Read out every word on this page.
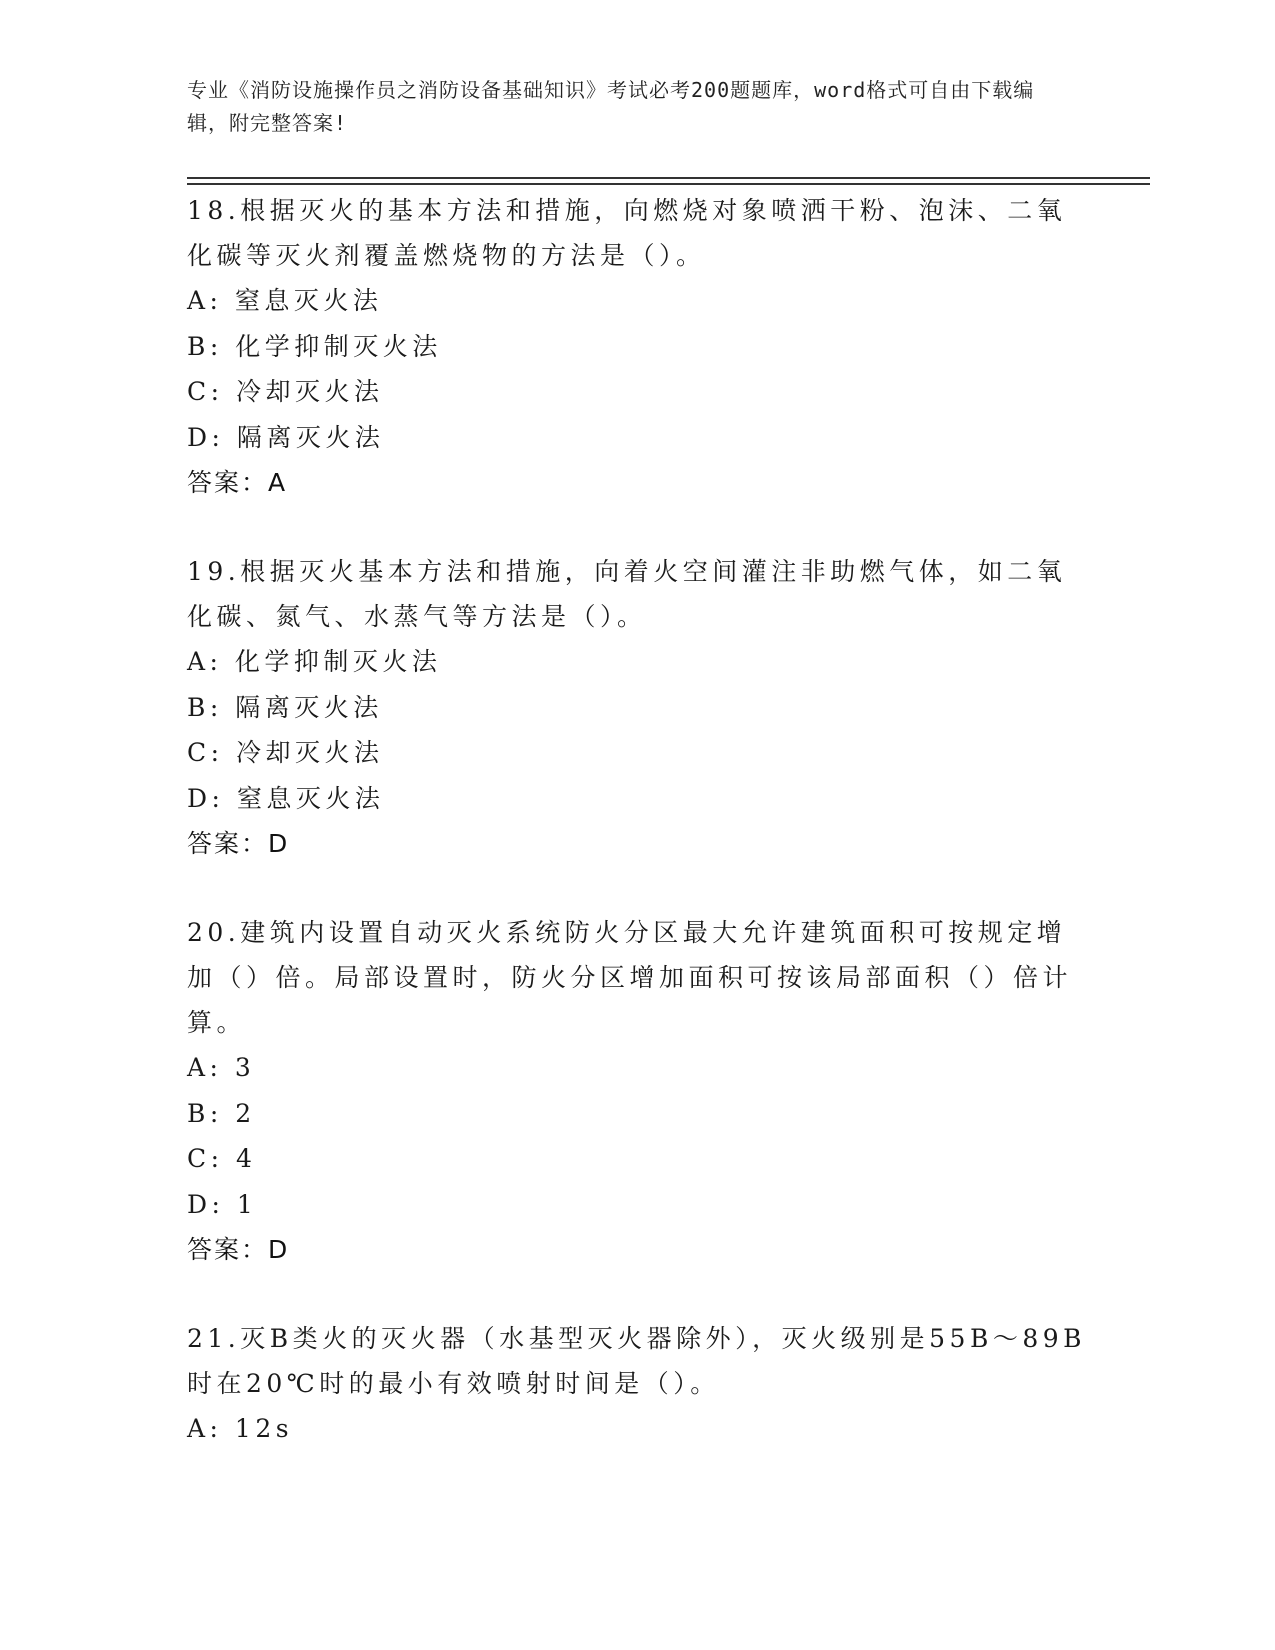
专业《消防设施操作员之消防设备基础知识》考试必考200题题库，word格式可自由下载编辑，附完整答案!
18.根据灭火的基本方法和措施，向燃烧对象喷洒干粉、泡沫、二氧化碳等灭火剂覆盖燃烧物的方法是（）。
A: 窒息灭火法
B: 化学抑制灭火法
C: 冷却灭火法
D: 隔离灭火法
答案：A
19.根据灭火基本方法和措施，向着火空间灌注非助燃气体，如二氧化碳、氮气、水蒸气等方法是（）。
A: 化学抑制灭火法
B: 隔离灭火法
C: 冷却灭火法
D: 窒息灭火法
答案：D
20.建筑内设置自动灭火系统防火分区最大允许建筑面积可按规定增加（）倍。局部设置时，防火分区增加面积可按该局部面积（）倍计算。
A: 3
B: 2
C: 4
D: 1
答案：D
21.灭B类火的灭火器（水基型灭火器除外），灭火级别是55B～89B时在20℃时的最小有效喷射时间是（）。
A: 12s
